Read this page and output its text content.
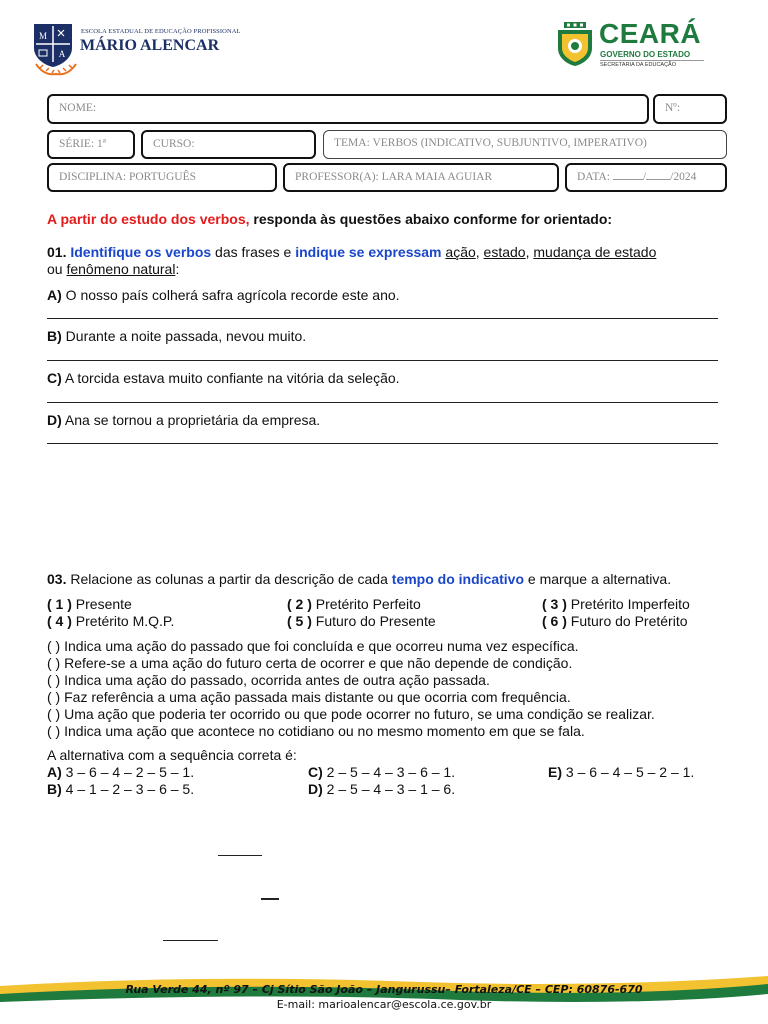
M
A
ESCOLA ESTADUAL DE EDUCAÇÃO PROFISSIONAL
MÁRIO ALENCAR	CEARÁ
GOVERNO DO ESTADO
SECRETARIA DA EDUCAÇÃO
NOME:	Nº:
SÉRIE: 1ª	CURSO:	TEMA: VERBOS (INDICATIVO, SUBJUNTIVO, IMPERATIVO)
DISCIPLINA: PORTUGUÊS	PROFESSOR(A): LARA MAIA AGUIAR	DATA:	/ /2024
A partir do estudo dos verbos, responda às questões abaixo conforme for orientado:
01. Identifique os verbos das frases e indique se expressam ação, estado, mudança de estado
ou fenômeno natural:
A) O nosso país colherá safra agrícola recorde este ano.
B) Durante a noite passada, nevou muito.
C) A torcida estava muito confiante na vitória da seleção.
D) Ana se tornou a proprietária da empresa.
03. Relacione as colunas a partir da descrição de cada tempo do indicativo e marque a alternativa.
( 1 ) Presente	( 2 ) Pretérito Perfeito	( 3 ) Pretérito Imperfeito
( 4 ) Pretérito M.Q.P.	( 5 ) Futuro do Presente	( 6 ) Futuro do Pretérito
( ) Indica uma ação do passado que foi concluída e que ocorreu numa vez específica.
( ) Refere-se a uma ação do futuro certa de ocorrer e que não depende de condição.
( ) Indica uma ação do passado, ocorrida antes de outra ação passada.
( ) Faz referência a uma ação passada mais distante ou que ocorria com frequência.
( ) Uma ação que poderia ter ocorrido ou que pode ocorrer no futuro, se uma condição se realizar.
( ) Indica uma ação que acontece no cotidiano ou no mesmo momento em que se fala.
A alternativa com a sequência correta é:
A) 3 – 6 – 4 – 2 – 5 – 1.	C) 2 – 5 – 4 – 3 – 6 – 1.	E) 3 – 6 – 4 – 5 – 2 – 1.
B) 4 – 1 – 2 – 3 – 6 – 5.	D) 2 – 5 – 4 – 3 – 1 – 6.
Rua Verde 44, nº 97 – Cj Sítio São João – Jangurussu– Fortaleza/CE – CEP: 60876-670
E-mail: marioalencar@escola.ce.gov.br
